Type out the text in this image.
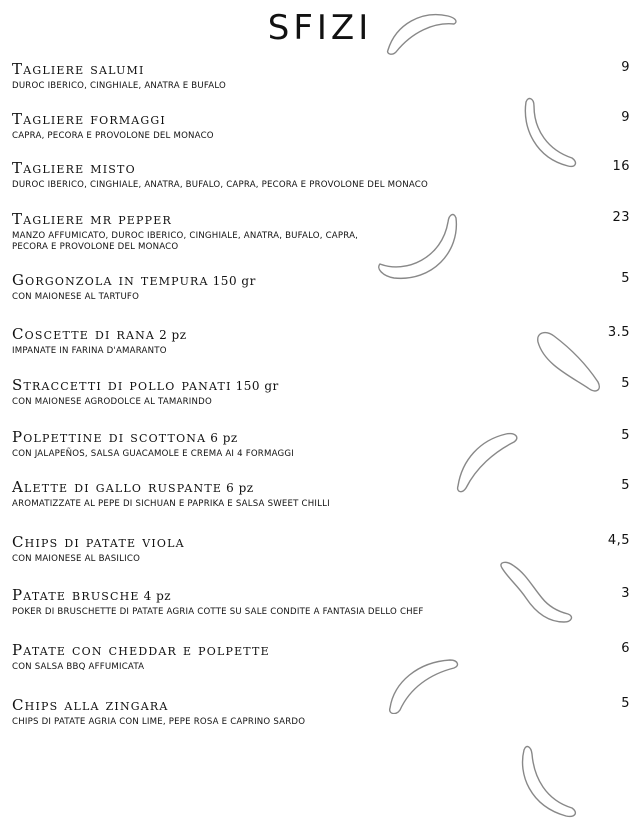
SFIZI
Tagliere salumi
DUROC IBERICO, CINGHIALE, ANATRA E BUFALO
9
Tagliere formaggi
CAPRA, PECORA E PROVOLONE DEL MONACO
9
Tagliere misto
DUROC IBERICO, CINGHIALE, ANATRA, BUFALO, CAPRA, PECORA E PROVOLONE DEL MONACO
16
Tagliere mr pepper
MANZO AFFUMICATO, DUROC IBERICO, CINGHIALE, ANATRA, BUFALO, CAPRA, PECORA E PROVOLONE DEL MONACO
23
Gorgonzola in tempura 150 gr
CON MAIONESE AL TARTUFO
5
Coscette di rana 2 pz
IMPANATE IN FARINA D'AMARANTO
3.5
Straccetti di pollo panati 150 gr
CON MAIONESE AGRODOLCE AL TAMARINDO
5
Polpettine di scottona 6 pz
CON JALAPEÑOS, SALSA GUACAMOLE E CREMA AI 4 FORMAGGI
5
Alette di gallo ruspante 6 pz
AROMATIZZATE AL PEPE DI SICHUAN E PAPRIKA E SALSA SWEET CHILLI
5
Chips di patate viola
CON MAIONESE AL BASILICO
4,5
Patate brusche 4 pz
POKER DI BRUSCHETTE DI PATATE AGRIA COTTE SU SALE CONDITE A FANTASIA DELLO CHEF
3
Patate con cheddar e polpette
CON SALSA BBQ AFFUMICATA
6
Chips alla zingara
CHIPS DI PATATE AGRIA CON LIME, PEPE ROSA E CAPRINO SARDO
5
